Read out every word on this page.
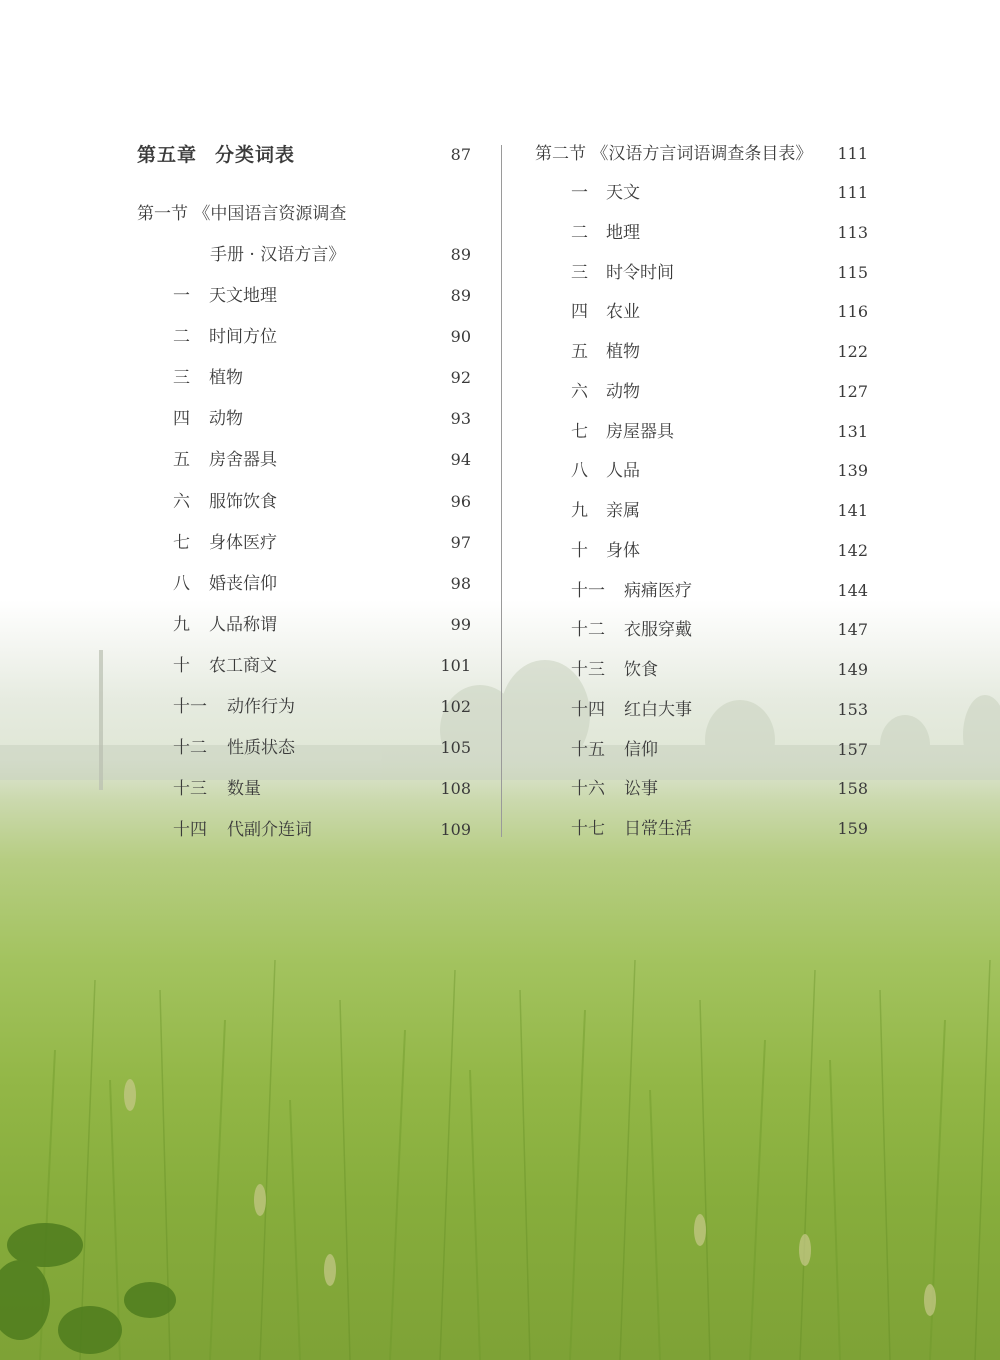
第五章 分类词表	87
第一节 《中国语言资源调查
手册 · 汉语方言》	89
一 天文地理	89
二 时间方位	90
三 植物	92
四 动物	93
五 房舍器具	94
六 服饰饮食	96
七 身体医疗	97
八 婚丧信仰	98
九 人品称谓	99
十 农工商文	101
十一 动作行为	102
十二 性质状态	105
十三 数量	108
十四 代副介连词	109
第二节 《汉语方言词语调查条目表》	111
一 天文	111
二 地理	113
三 时令时间	115
四 农业	116
五 植物	122
六 动物	127
七 房屋器具	131
八 人品	139
九 亲属	141
十 身体	142
十一 病痛医疗	144
十二 衣服穿戴	147
十三 饮食	149
十四 红白大事	153
十五 信仰	157
十六 讼事	158
十七 日常生活	159
